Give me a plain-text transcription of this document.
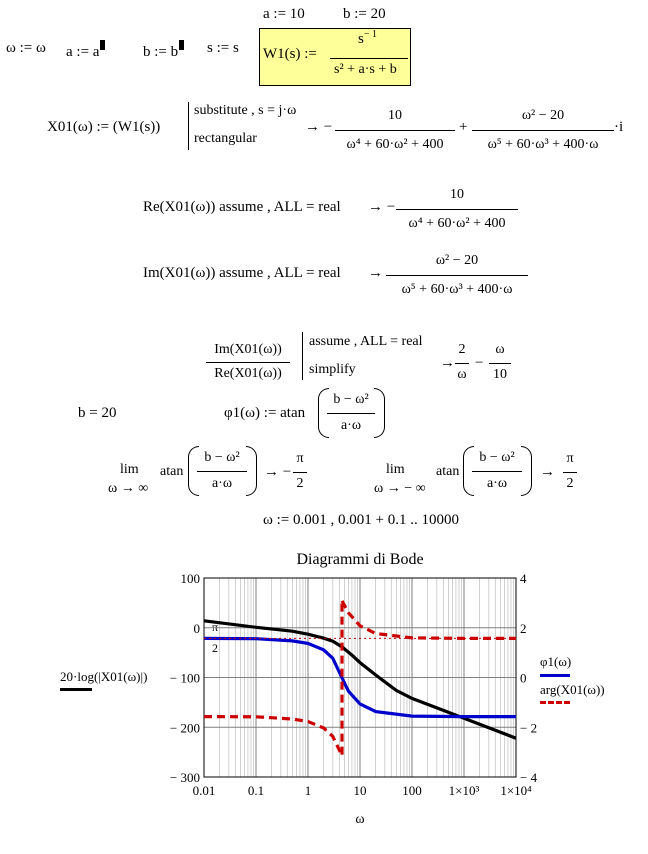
a := 10	b := 20
ω := ω a := a	b := b	s := s W1(s) :=
$s^{- 1}$
s² + a·s + b
X01(ω) := (W1(s))
substitute , s = j·ω
rectangular
→ −
10
ω⁴ + 60·ω² + 400
+
ω² − 20
ω⁵ + 60·ω³ + 400·ω
·i
Re(X01(ω)) assume , ALL = real → −
10
ω⁴ + 60·ω² + 400
Im(X01(ω)) assume , ALL = real →
ω² − 20
ω⁵ + 60·ω³ + 400·ω
Im(X01(ω))
Re(X01(ω))
assume , ALL = real
simplify	→
2
ω
−
ω
10
b = 20	φ1(ω) := atan
b − ω²
a·ω
lim
ω → ∞
atan
b − ω²
a·ω
→ −
π
2
lim
ω → − ∞
atan
b − ω²
a·ω
→
π
2
ω := 0.001 , 0.001 + 0.1 .. 10000
20·log(|X01(ω)|)
φ1(ω)
arg(X01(ω))
π
2
Diagrammi di Bode
0.01	0.1	1	10	100 1×10³ 1×10⁴
100
0
− 100
− 200
− 300
4
2
0
− 2
− 4
ω
